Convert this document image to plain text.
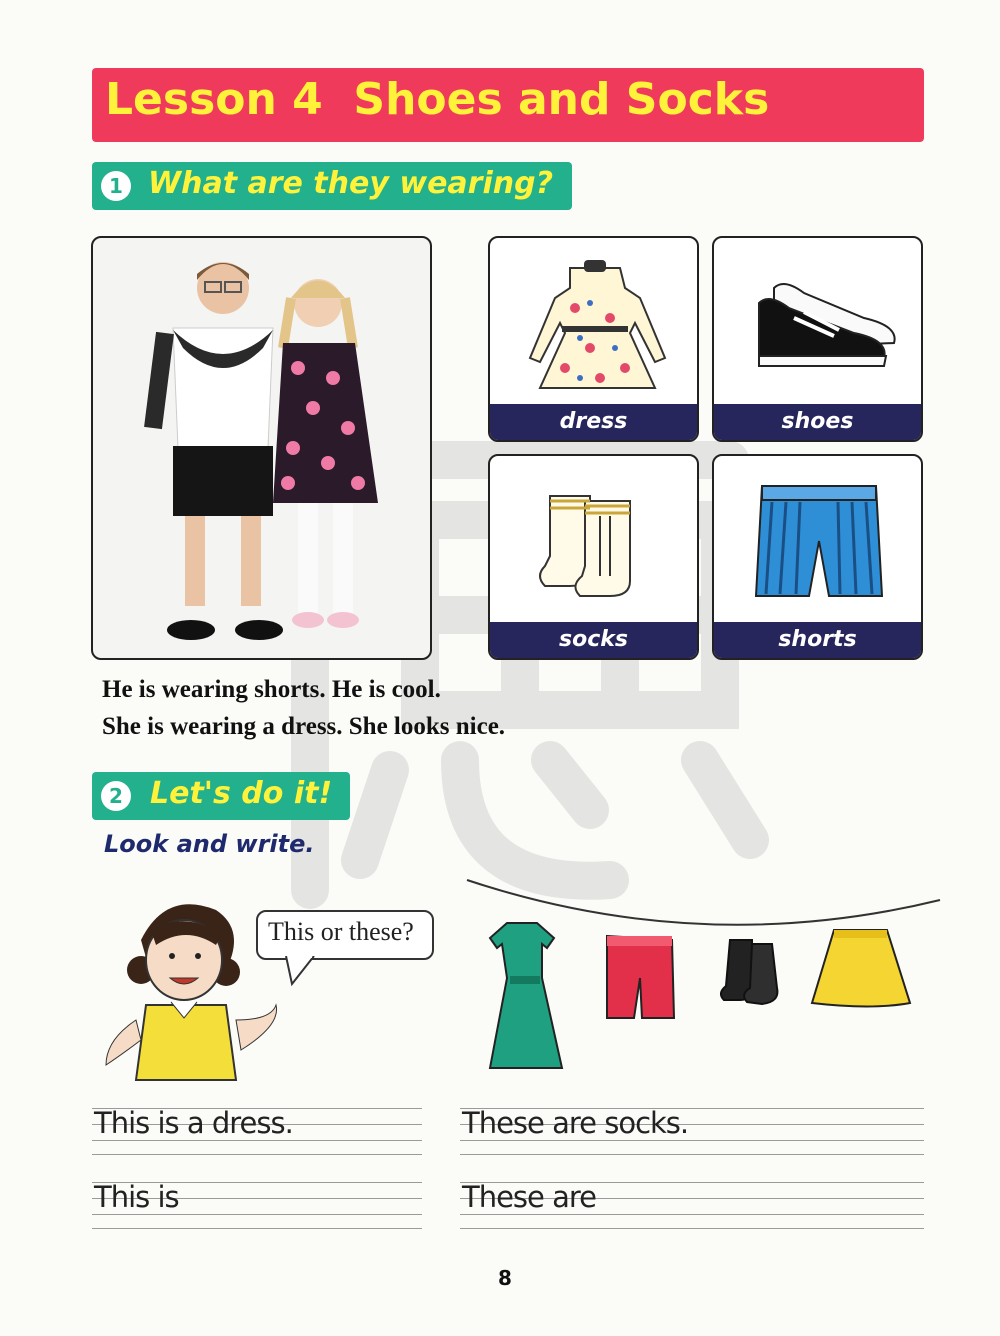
Lesson 4  Shoes and Socks
1 What are they wearing?
dress	shoes
socks	shorts
He is wearing shorts. He is cool.
She is wearing a dress. She looks nice.
2 Let's do it!
Look and write.
This or these?
This is a dress.
This is
These are socks.
These are
8
